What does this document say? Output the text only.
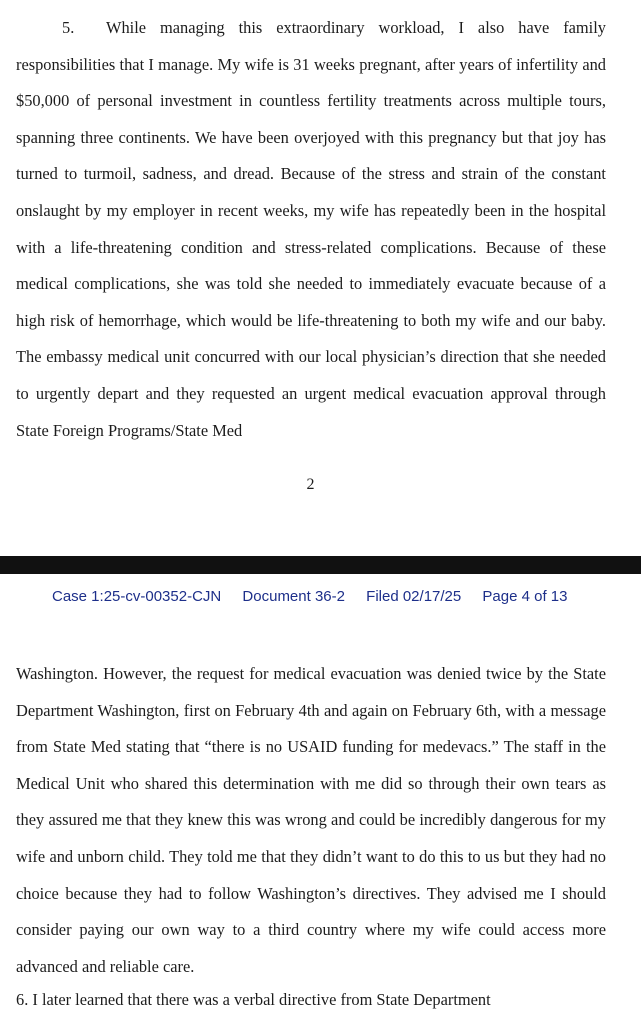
5. While managing this extraordinary workload, I also have family responsibilities that I manage. My wife is 31 weeks pregnant, after years of infertility and $50,000 of personal investment in countless fertility treatments across multiple tours, spanning three continents. We have been overjoyed with this pregnancy but that joy has turned to turmoil, sadness, and dread. Because of the stress and strain of the constant onslaught by my employer in recent weeks, my wife has repeatedly been in the hospital with a life-threatening condition and stress-related complications. Because of these medical complications, she was told she needed to immediately evacuate because of a high risk of hemorrhage, which would be life-threatening to both my wife and our baby. The embassy medical unit concurred with our local physician’s direction that she needed to urgently depart and they requested an urgent medical evacuation approval through State Foreign Programs/State Med

2
Case 1:25-cv-00352-CJN Document 36-2 Filed 02/17/25 Page 4 of 13

Washington. However, the request for medical evacuation was denied twice by the State Department Washington, first on February 4th and again on February 6th, with a message from State Med stating that “there is no USAID funding for medevacs.” The staff in the Medical Unit who shared this determination with me did so through their own tears as they assured me that they knew this was wrong and could be incredibly dangerous for my wife and unborn child. They told me that they didn’t want to do this to us but they had no choice because they had to follow Washington’s directives. They advised me I should consider paying our own way to a third country where my wife could access more advanced and reliable care.

6. I later learned that there was a verbal directive from State Department
